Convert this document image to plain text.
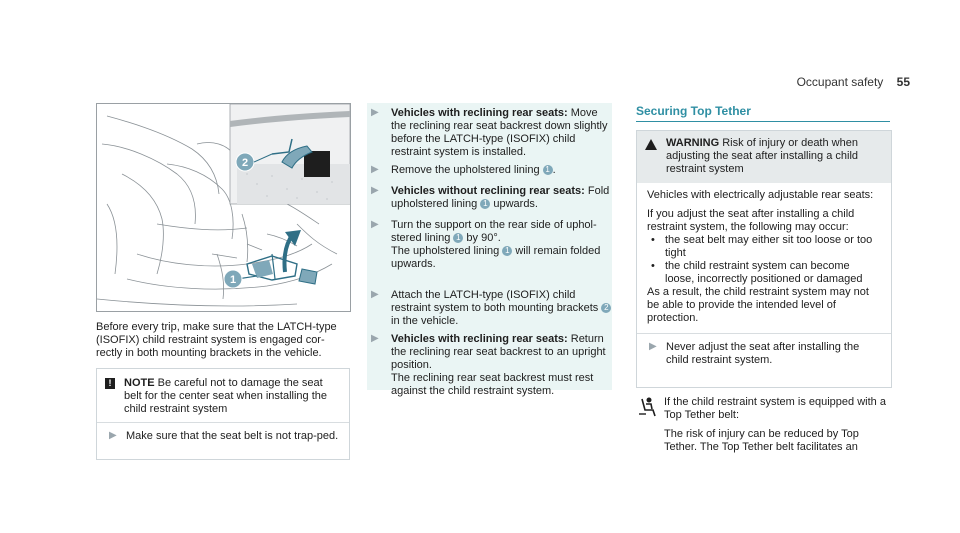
Occupant safety 55
2
1

Before every trip, make sure that the LATCH-type (ISOFIX) child restraint system is engaged cor-rectly in both mounting brackets in the vehicle.

!	NOTE Be careful not to damage the seat belt for the center seat when installing the child restraint system

▶ Make sure that the seat belt is not trap-ped.

▶	Vehicles with reclining rear seats: Move the reclining rear seat backrest down slightly before the LATCH-type (ISOFIX) child restraint system is installed.

▶	Remove the upholstered lining 1 .

▶	Vehicles without reclining rear seats: Fold upholstered lining 1 upwards.

▶	Turn the support on the rear side of uphol-stered lining 1 by 90°.
The upholstered lining 1 will remain folded upwards.

▶	Attach the LATCH-type (ISOFIX) child restraint system to both mounting brackets 2 in the vehicle.

▶	Vehicles with reclining rear seats: Return the reclining rear seat backrest to an upright position.
The reclining rear seat backrest must rest against the child restraint system.

Securing Top Tether

WARNING Risk of injury or death when adjusting the seat after installing a child restraint system

Vehicles with electrically adjustable rear seats:

If you adjust the seat after installing a child restraint system, the following may occur:

• the seat belt may either sit too loose or too tight

• the child restraint system can become loose, incorrectly positioned or damaged

As a result, the child restraint system may not be able to provide the intended level of protection.

▶ Never adjust the seat after installing the child restraint system.

If the child restraint system is equipped with a Top Tether belt:

The risk of injury can be reduced by Top Tether. The Top Tether belt facilitates an
